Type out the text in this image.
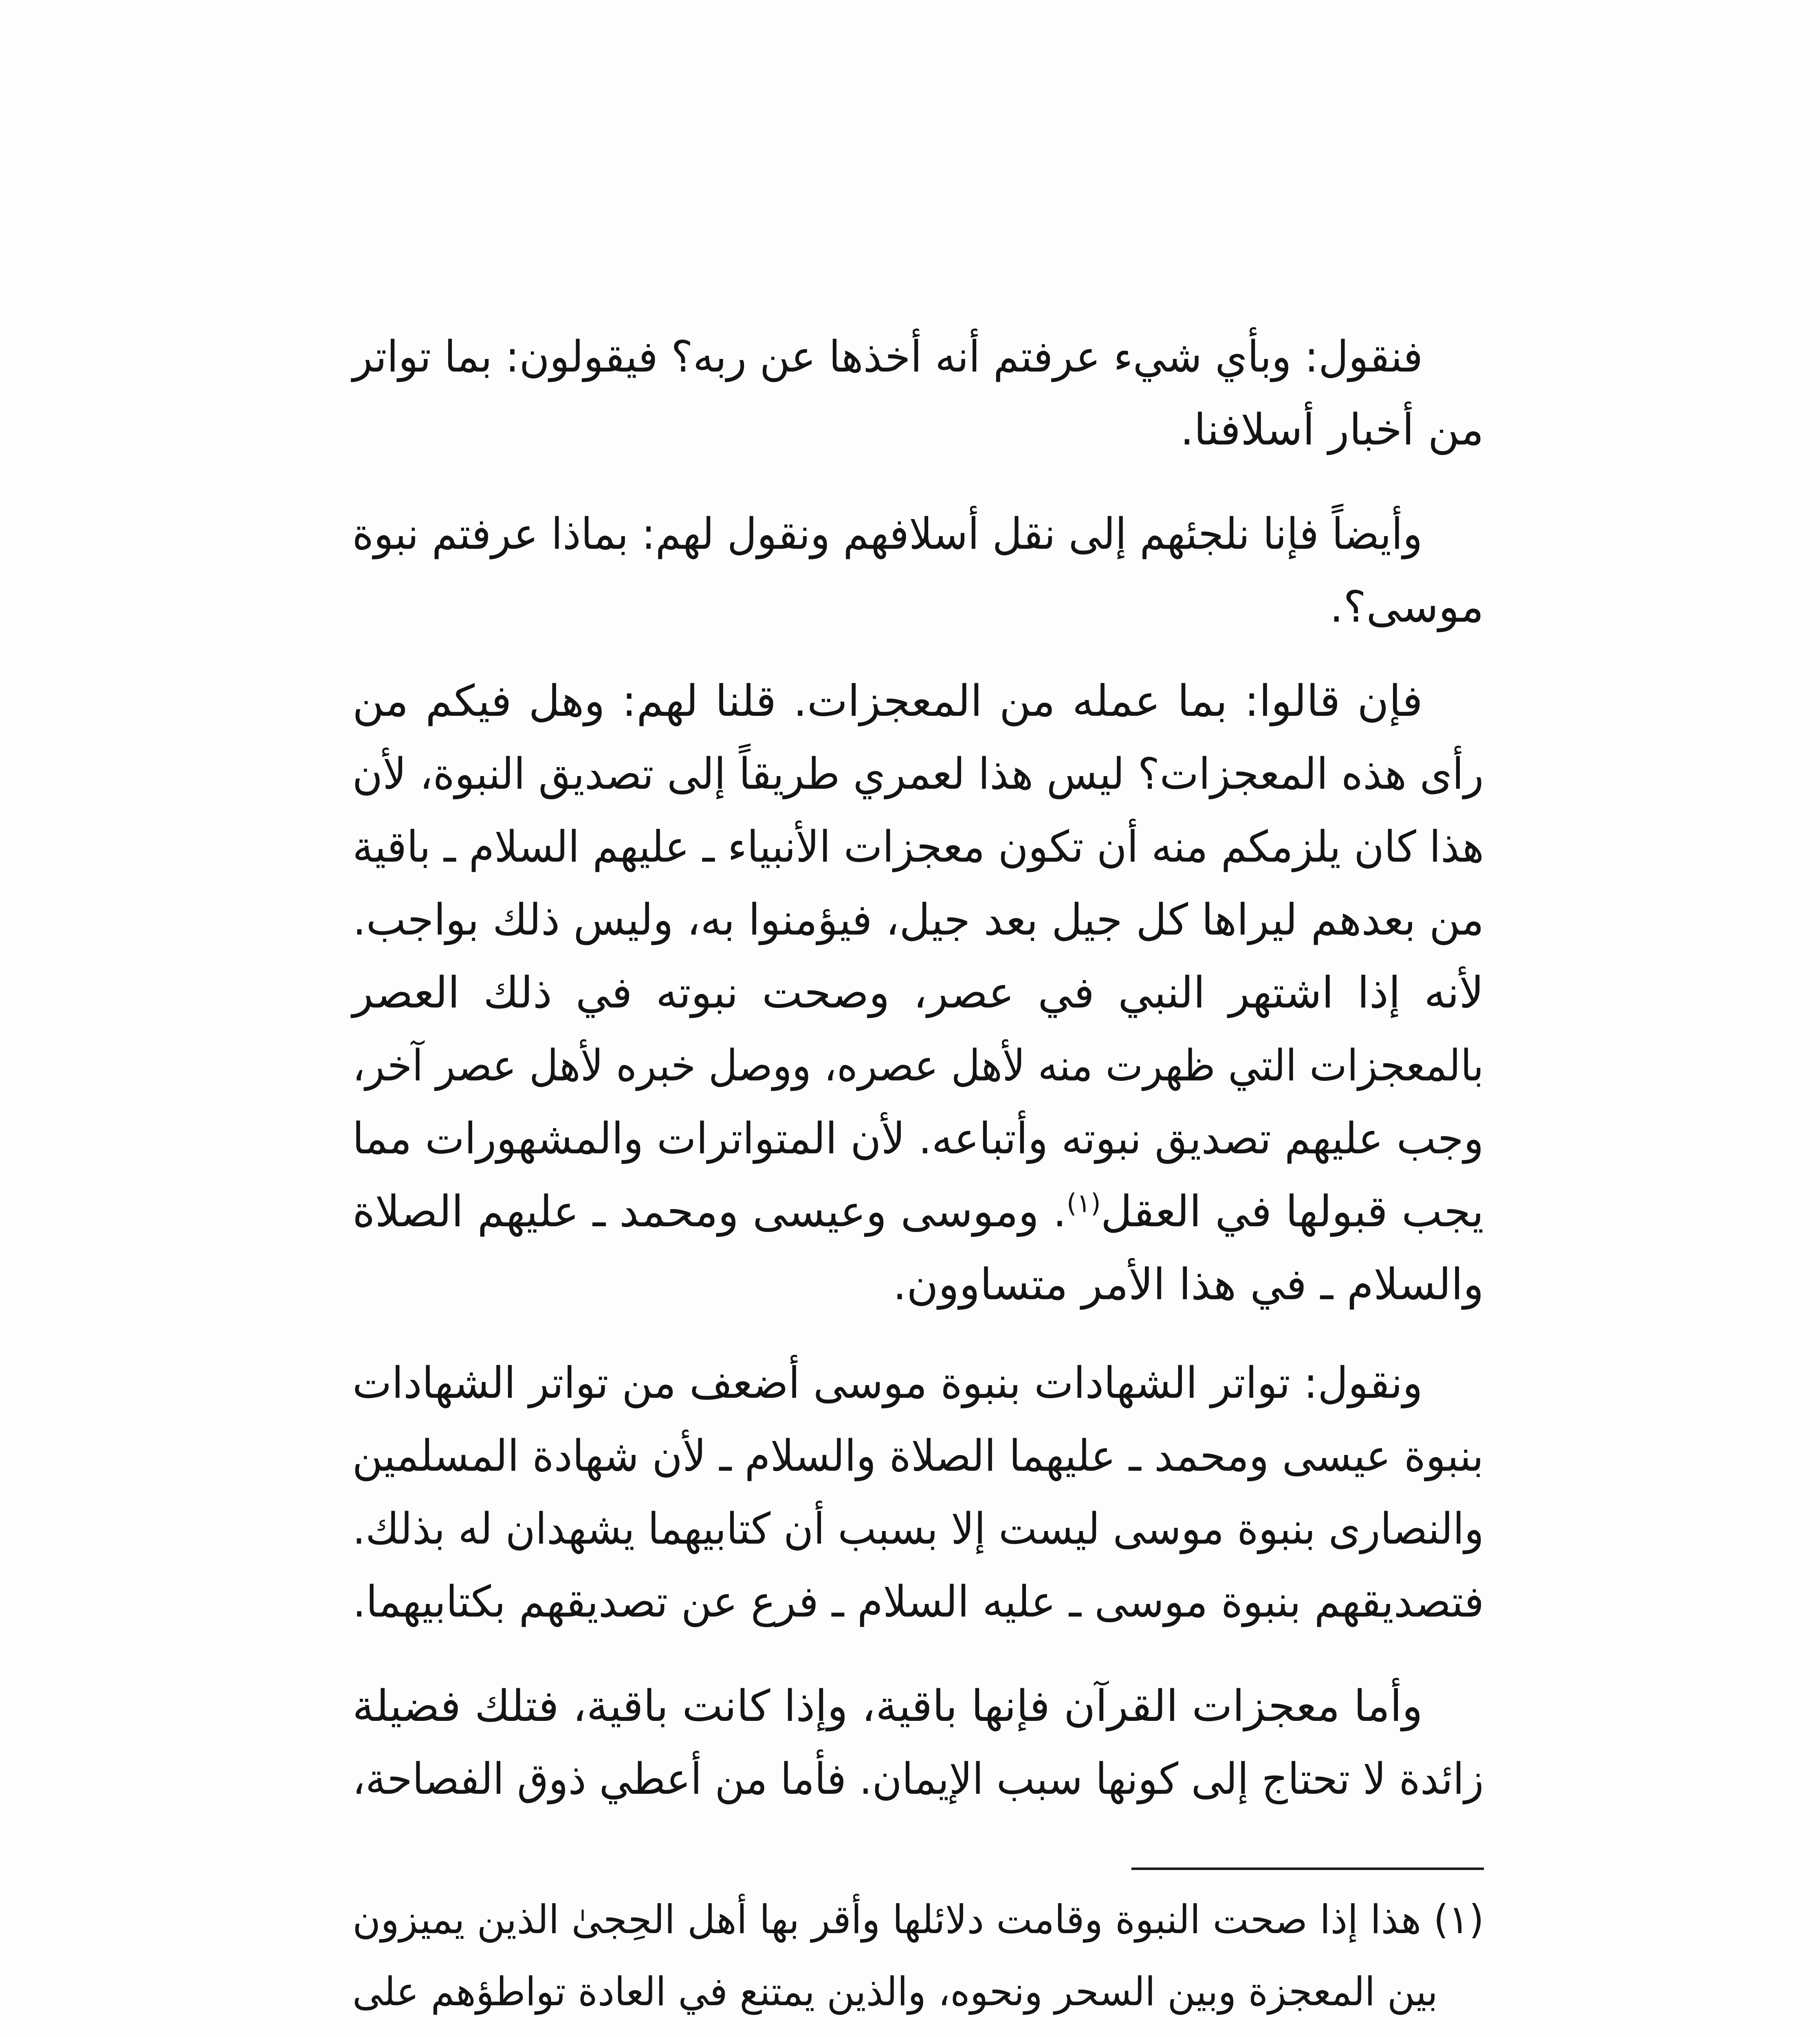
فنقول: وبأي شيء عرفتم أنه أخذها عن ربه؟ فيقولون: بما تواتر
من أخبار أسلافنا.
وأيضاً فإنا نلجئهم إلى نقل أسلافهم ونقول لهم: بماذا عرفتم نبوة
موسى؟.
فإن قالوا: بما عمله من المعجزات. قلنا لهم: وهل فيكم من
رأى هذه المعجزات؟ ليس هذا لعمري طريقاً إلى تصديق النبوة، لأن
هذا كان يلزمكم منه أن تكون معجزات الأنبياء ـ عليهم السلام ـ باقية
من بعدهم ليراها كل جيل بعد جيل، فيؤمنوا به، وليس ذلك بواجب.
لأنه إذا اشتهر النبي في عصر، وصحت نبوته في ذلك العصر
بالمعجزات التي ظهرت منه لأهل عصره، ووصل خبره لأهل عصر آخر،
وجب عليهم تصديق نبوته وأتباعه. لأن المتواترات والمشهورات مما
يجب قبولها في العقل$^{(١)}$. وموسى وعيسى ومحمد ـ عليهم الصلاة
والسلام ـ في هذا الأمر متساوون.
ونقول: تواتر الشهادات بنبوة موسى أضعف من تواتر الشهادات
بنبوة عيسى ومحمد ـ عليهما الصلاة والسلام ـ لأن شهادة المسلمين
والنصارى بنبوة موسى ليست إلا بسبب أن كتابيهما يشهدان له بذلك.
فتصديقهم بنبوة موسى ـ عليه السلام ـ فرع عن تصديقهم بكتابيهما.
وأما معجزات القرآن فإنها باقية، وإذا كانت باقية، فتلك فضيلة
زائدة لا تحتاج إلى كونها سبب الإيمان. فأما من أعطي ذوق الفصاحة،
(١) هذا إذا صحت النبوة وقامت دلائلها وأقر بها أهل الحِجىٰ الذين يميزون
بين المعجزة وبين السحر ونحوه، والذين يمتنع في العادة تواطؤهم على
